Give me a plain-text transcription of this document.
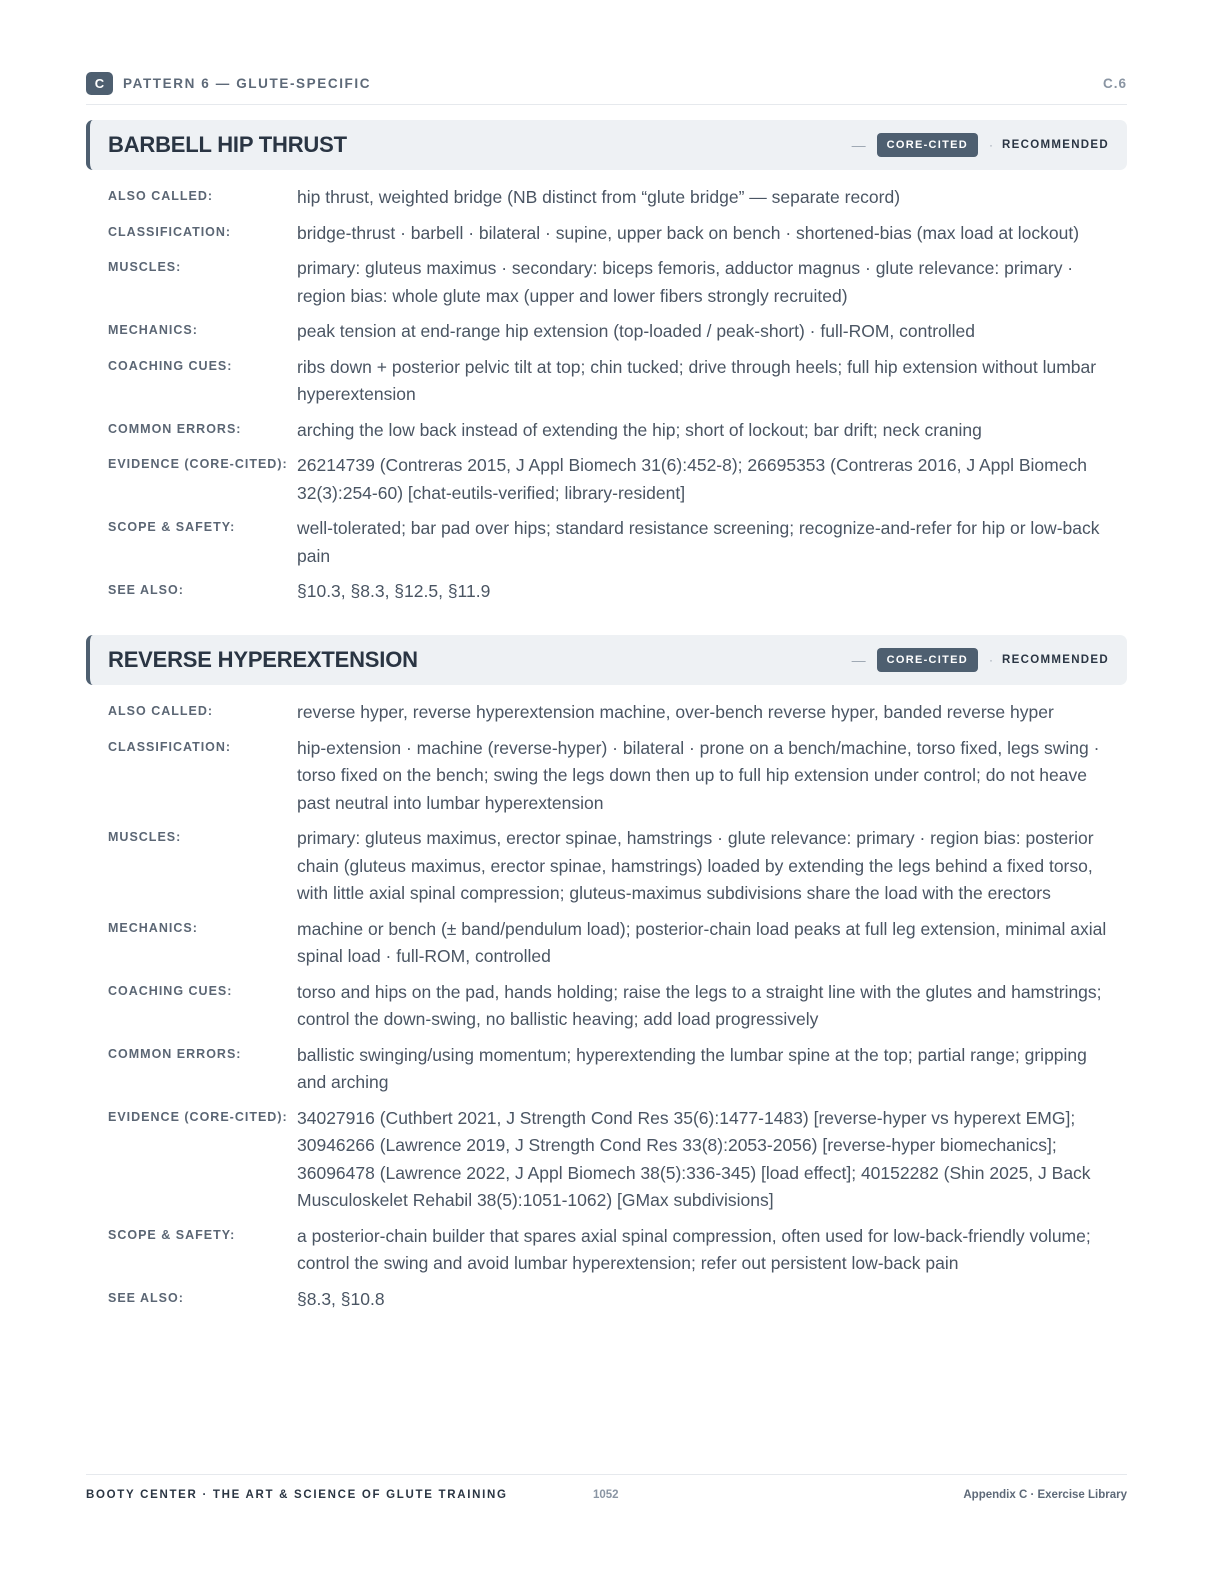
C	PATTERN 6 — GLUTE-SPECIFIC	C.6
BARBELL HIP THRUST	—	CORE-CITED	· RECOMMENDED
ALSO CALLED:	hip thrust, weighted bridge (NB distinct from “glute bridge” — separate record)
CLASSIFICATION:	bridge-thrust · barbell · bilateral · supine, upper back on bench · shortened-bias (max load at lockout)
MUSCLES:	primary: gluteus maximus · secondary: biceps femoris, adductor magnus · glute relevance: primary · region bias: whole glute max (upper and lower fibers strongly recruited)
MECHANICS:	peak tension at end-range hip extension (top-loaded / peak-short) · full-ROM, controlled
COACHING CUES:	ribs down + posterior pelvic tilt at top; chin tucked; drive through heels; full hip extension without lumbar hyperextension
COMMON ERRORS:	arching the low back instead of extending the hip; short of lockout; bar drift; neck craning
EVIDENCE (CORE-CITED): 26214739 (Contreras 2015, J Appl Biomech 31(6):452-8); 26695353 (Contreras 2016, J Appl Biomech 32(3):254-60) [chat-eutils-verified; library-resident]
SCOPE & SAFETY:	well-tolerated; bar pad over hips; standard resistance screening; recognize-and-refer for hip or low-back pain
SEE ALSO:	§10.3, §8.3, §12.5, §11.9
REVERSE HYPEREXTENSION	—	CORE-CITED	· RECOMMENDED
ALSO CALLED:	reverse hyper, reverse hyperextension machine, over-bench reverse hyper, banded reverse hyper
CLASSIFICATION:	hip-extension · machine (reverse-hyper) · bilateral · prone on a bench/machine, torso fixed, legs swing · torso fixed on the bench; swing the legs down then up to full hip extension under control; do not heave past neutral into lumbar hyperextension
MUSCLES:	primary: gluteus maximus, erector spinae, hamstrings · glute relevance: primary · region bias: posterior chain (gluteus maximus, erector spinae, hamstrings) loaded by extending the legs behind a fixed torso, with little axial spinal compression; gluteus-maximus subdivisions share the load with the erectors
MECHANICS:	machine or bench (± band/pendulum load); posterior-chain load peaks at full leg extension, minimal axial spinal load · full-ROM, controlled
COACHING CUES:	torso and hips on the pad, hands holding; raise the legs to a straight line with the glutes and hamstrings; control the down-swing, no ballistic heaving; add load progressively
COMMON ERRORS:	ballistic swinging/using momentum; hyperextending the lumbar spine at the top; partial range; gripping and arching
EVIDENCE (CORE-CITED): 34027916 (Cuthbert 2021, J Strength Cond Res 35(6):1477-1483) [reverse-hyper vs hyperext EMG]; 30946266 (Lawrence 2019, J Strength Cond Res 33(8):2053-2056) [reverse-hyper biomechanics]; 36096478 (Lawrence 2022, J Appl Biomech 38(5):336-345) [load effect]; 40152282 (Shin 2025, J Back Musculoskelet Rehabil 38(5):1051-1062) [GMax subdivisions]
SCOPE & SAFETY:	a posterior-chain builder that spares axial spinal compression, often used for low-back-friendly volume; control the swing and avoid lumbar hyperextension; refer out persistent low-back pain
SEE ALSO:	§8.3, §10.8
BOOTY CENTER · THE ART & SCIENCE OF GLUTE TRAINING	1052	Appendix C · Exercise Library
